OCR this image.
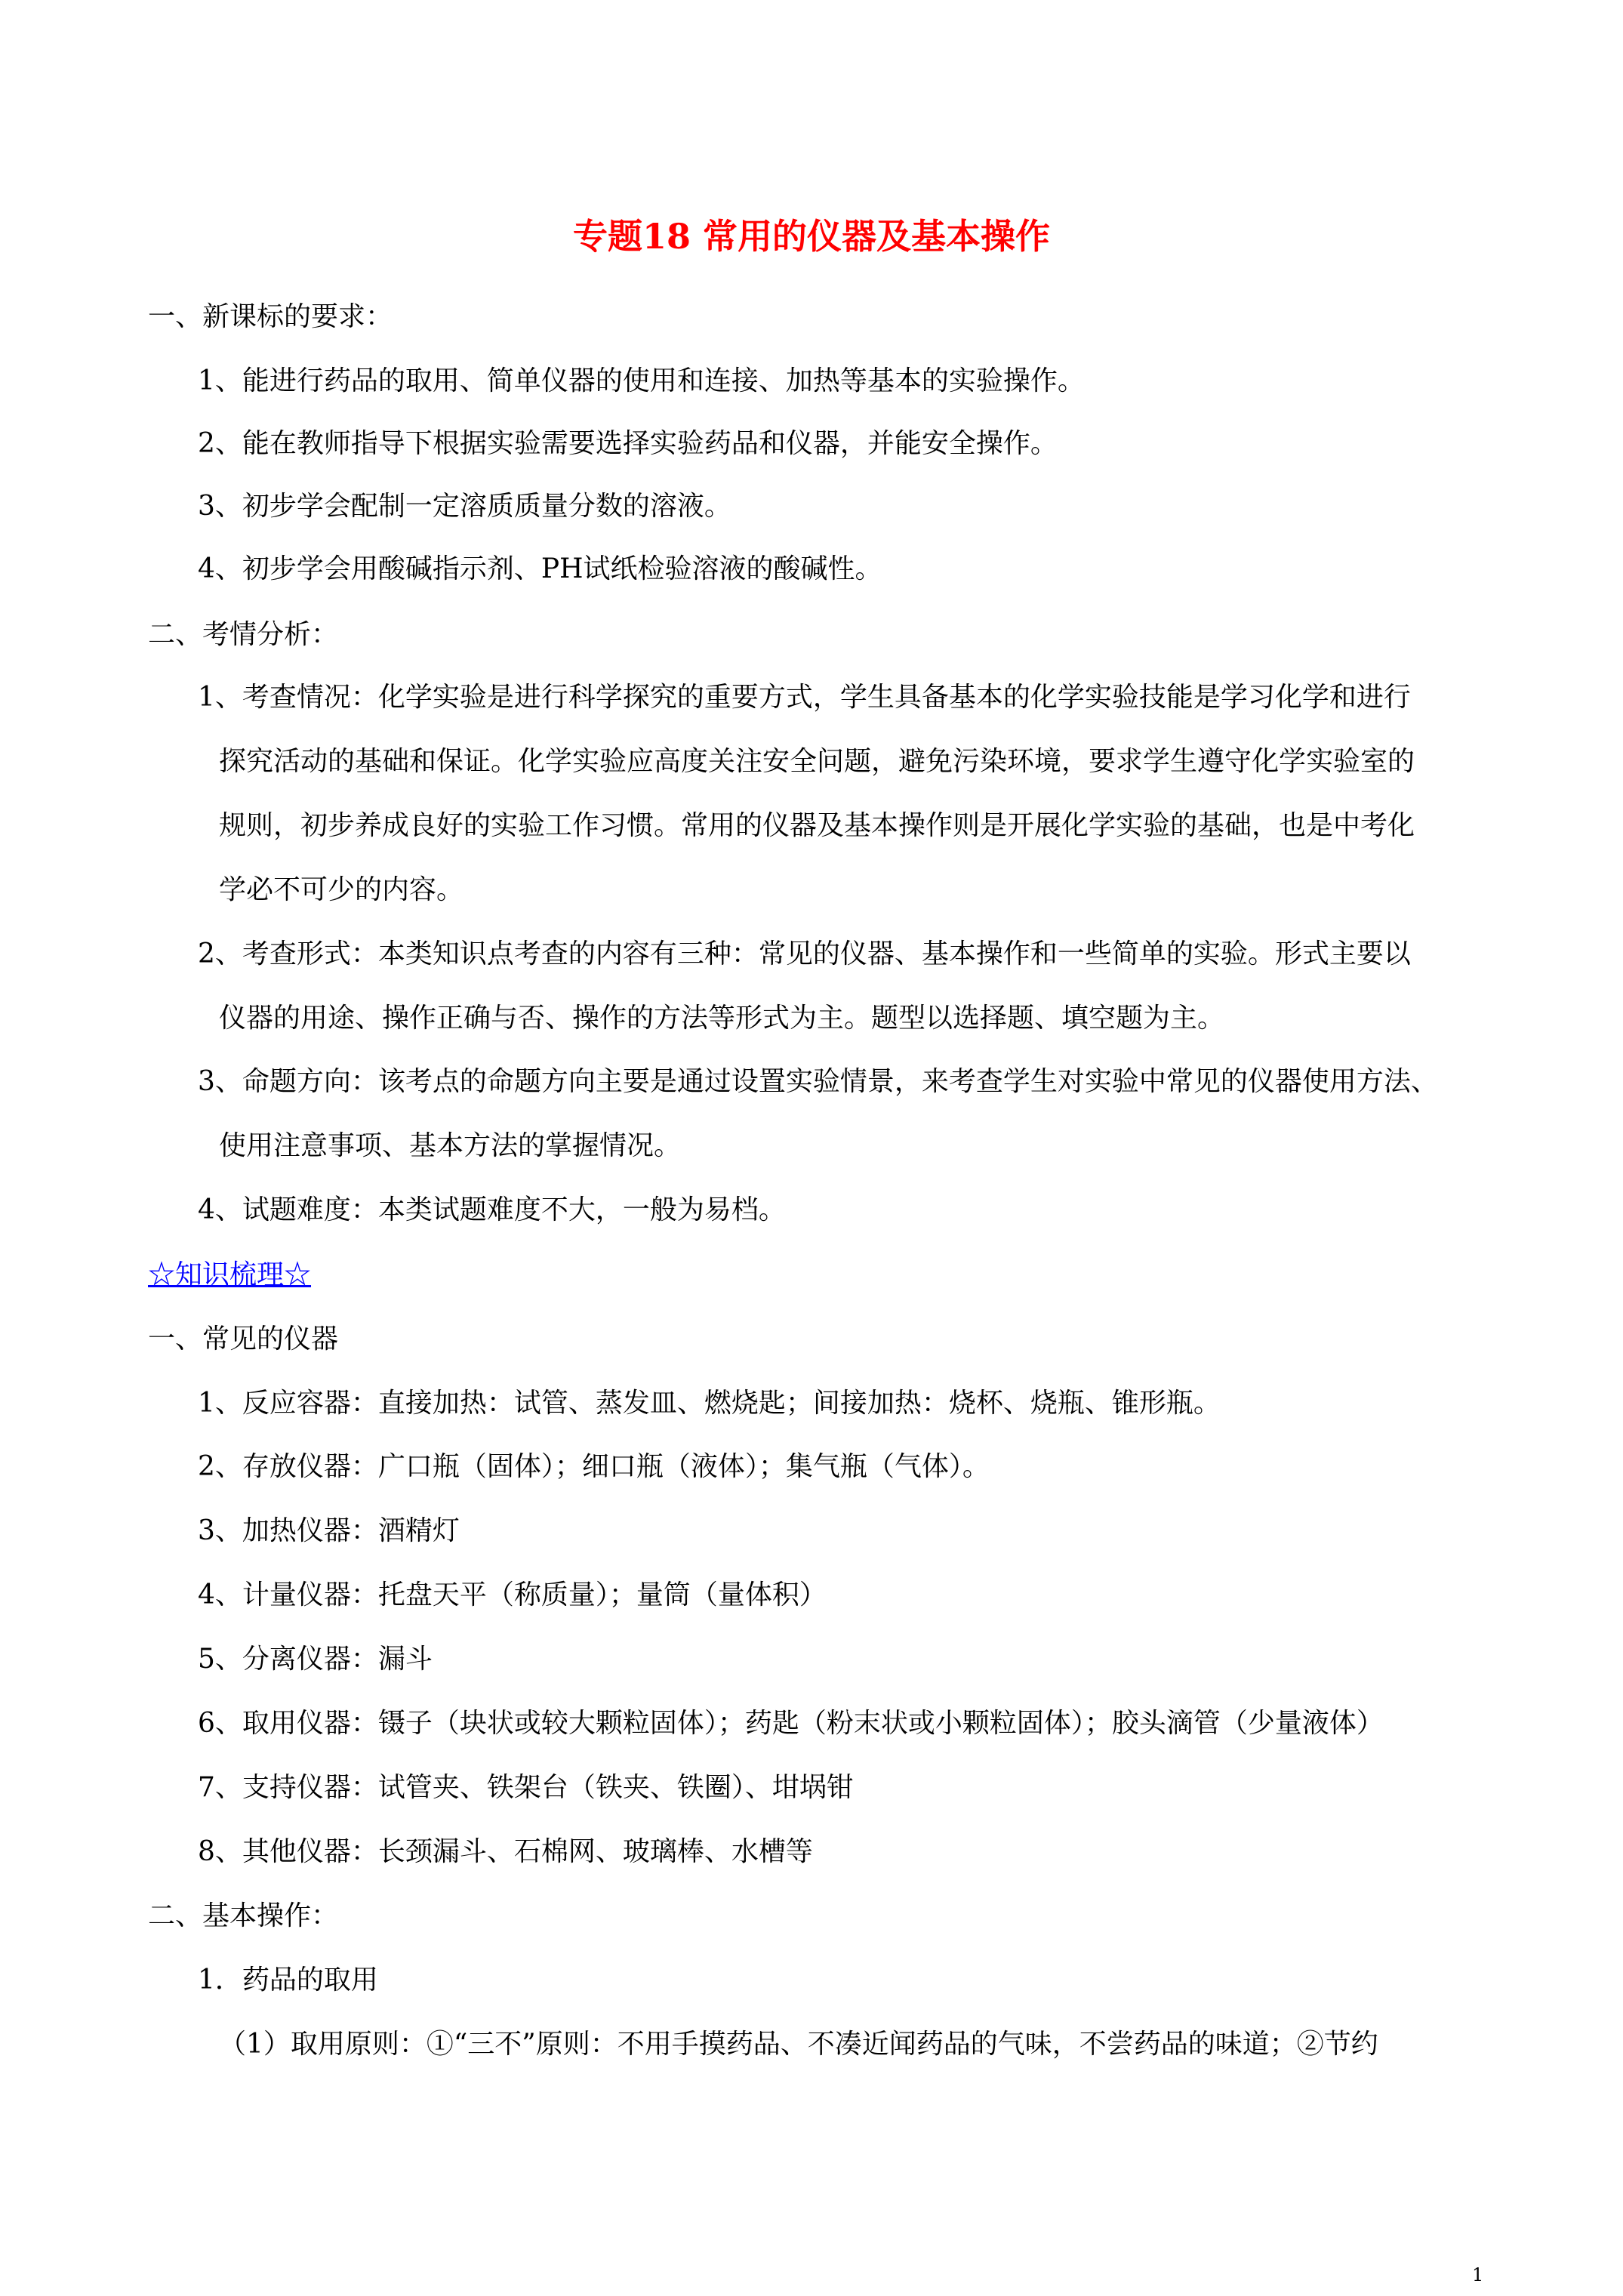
专题18 常用的仪器及基本操作

一、新课标的要求：

1、能进行药品的取用、简单仪器的使用和连接、加热等基本的实验操作。

2、能在教师指导下根据实验需要选择实验药品和仪器，并能安全操作。

3、初步学会配制一定溶质质量分数的溶液。

4、初步学会用酸碱指示剂、PH试纸检验溶液的酸碱性。

二、考情分析：

1、考查情况：化学实验是进行科学探究的重要方式，学生具备基本的化学实验技能是学习化学和进行

探究活动的基础和保证。化学实验应高度关注安全问题，避免污染环境，要求学生遵守化学实验室的

规则，初步养成良好的实验工作习惯。常用的仪器及基本操作则是开展化学实验的基础，也是中考化

学必不可少的内容。

2、考查形式：本类知识点考查的内容有三种：常见的仪器、基本操作和一些简单的实验。形式主要以

仪器的用途、操作正确与否、操作的方法等形式为主。题型以选择题、填空题为主。

3、命题方向：该考点的命题方向主要是通过设置实验情景，来考查学生对实验中常见的仪器使用方法、

使用注意事项、基本方法的掌握情况。

4、试题难度：本类试题难度不大，一般为易档。

☆知识梳理☆

一、常见的仪器

1、反应容器：直接加热：试管、蒸发皿、燃烧匙；间接加热：烧杯、烧瓶、锥形瓶。

2、存放仪器：广口瓶（固体）；细口瓶（液体）；集气瓶（气体）。

3、加热仪器：酒精灯

4、计量仪器：托盘天平（称质量）；量筒（量体积）

5、分离仪器：漏斗

6、取用仪器：镊子（块状或较大颗粒固体）；药匙（粉末状或小颗粒固体）；胶头滴管（少量液体）

7、支持仪器：试管夹、铁架台（铁夹、铁圈）、坩埚钳

8、其他仪器：长颈漏斗、石棉网、玻璃棒、水槽等

二、基本操作：

1．药品的取用

（1）取用原则：①“三不”原则：不用手摸药品、不凑近闻药品的气味，不尝药品的味道；②节约

1
